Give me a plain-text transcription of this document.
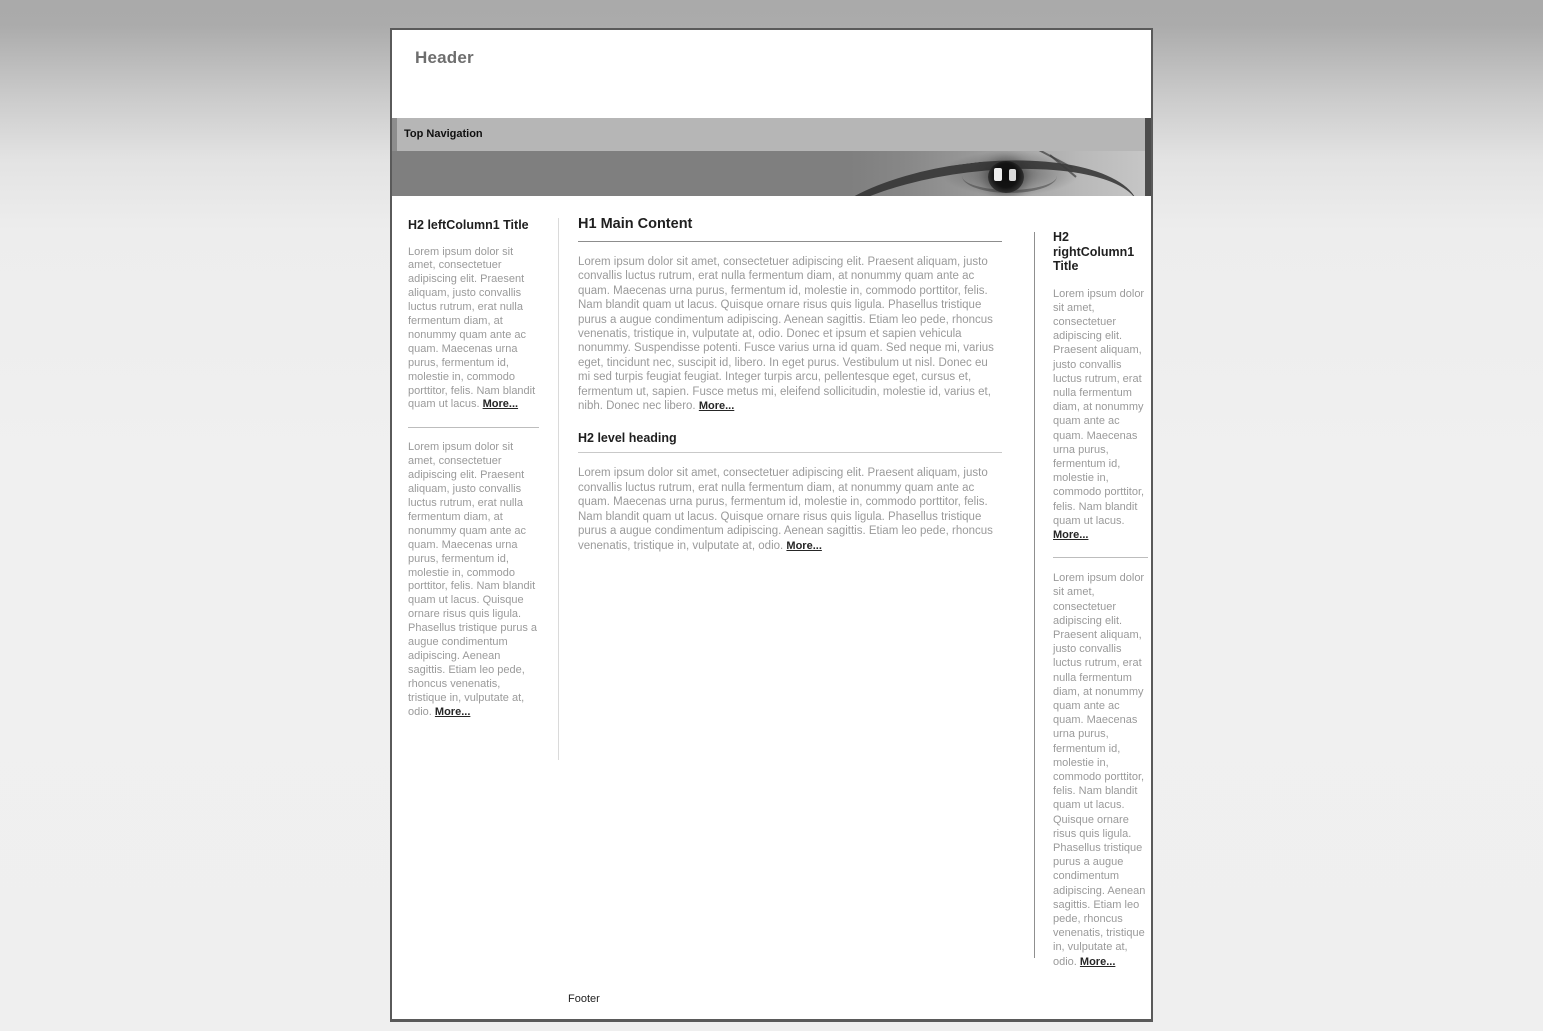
Header
Top Navigation
H2 leftColumn1 Title

Lorem ipsum dolor sit amet, consectetuer adipiscing elit. Praesent aliquam, justo convallis luctus rutrum, erat nulla fermentum diam, at nonummy quam ante ac quam. Maecenas urna purus, fermentum id, molestie in, commodo porttitor, felis. Nam blandit quam ut lacus. More...

Lorem ipsum dolor sit amet, consectetuer adipiscing elit. Praesent aliquam, justo convallis luctus rutrum, erat nulla fermentum diam, at nonummy quam ante ac quam. Maecenas urna purus, fermentum id, molestie in, commodo porttitor, felis. Nam blandit quam ut lacus. Quisque ornare risus quis ligula. Phasellus tristique purus a augue condimentum adipiscing. Aenean sagittis. Etiam leo pede, rhoncus venenatis, tristique in, vulputate at, odio. More...

H1 Main Content

Lorem ipsum dolor sit amet, consectetuer adipiscing elit. Praesent aliquam, justo convallis luctus rutrum, erat nulla fermentum diam, at nonummy quam ante ac quam. Maecenas urna purus, fermentum id, molestie in, commodo porttitor, felis. Nam blandit quam ut lacus. Quisque ornare risus quis ligula. Phasellus tristique purus a augue condimentum adipiscing. Aenean sagittis. Etiam leo pede, rhoncus venenatis, tristique in, vulputate at, odio. Donec et ipsum et sapien vehicula nonummy. Suspendisse potenti. Fusce varius urna id quam. Sed neque mi, varius eget, tincidunt nec, suscipit id, libero. In eget purus. Vestibulum ut nisl. Donec eu mi sed turpis feugiat feugiat. Integer turpis arcu, pellentesque eget, cursus et, fermentum ut, sapien. Fusce metus mi, eleifend sollicitudin, molestie id, varius et, nibh. Donec nec libero. More...

H2 level heading

Lorem ipsum dolor sit amet, consectetuer adipiscing elit. Praesent aliquam, justo convallis luctus rutrum, erat nulla fermentum diam, at nonummy quam ante ac quam. Maecenas urna purus, fermentum id, molestie in, commodo porttitor, felis. Nam blandit quam ut lacus. Quisque ornare risus quis ligula. Phasellus tristique purus a augue condimentum adipiscing. Aenean sagittis. Etiam leo pede, rhoncus venenatis, tristique in, vulputate at, odio. More...

H2 rightColumn1 Title

Lorem ipsum dolor sit amet, consectetuer adipiscing elit. Praesent aliquam, justo convallis luctus rutrum, erat nulla fermentum diam, at nonummy quam ante ac quam. Maecenas urna purus, fermentum id, molestie in, commodo porttitor, felis. Nam blandit quam ut lacus. More...

Lorem ipsum dolor sit amet, consectetuer adipiscing elit. Praesent aliquam, justo convallis luctus rutrum, erat nulla fermentum diam, at nonummy quam ante ac quam. Maecenas urna purus, fermentum id, molestie in, commodo porttitor, felis. Nam blandit quam ut lacus. Quisque ornare risus quis ligula. Phasellus tristique purus a augue condimentum adipiscing. Aenean sagittis. Etiam leo pede, rhoncus venenatis, tristique in, vulputate at, odio. More...

Footer
